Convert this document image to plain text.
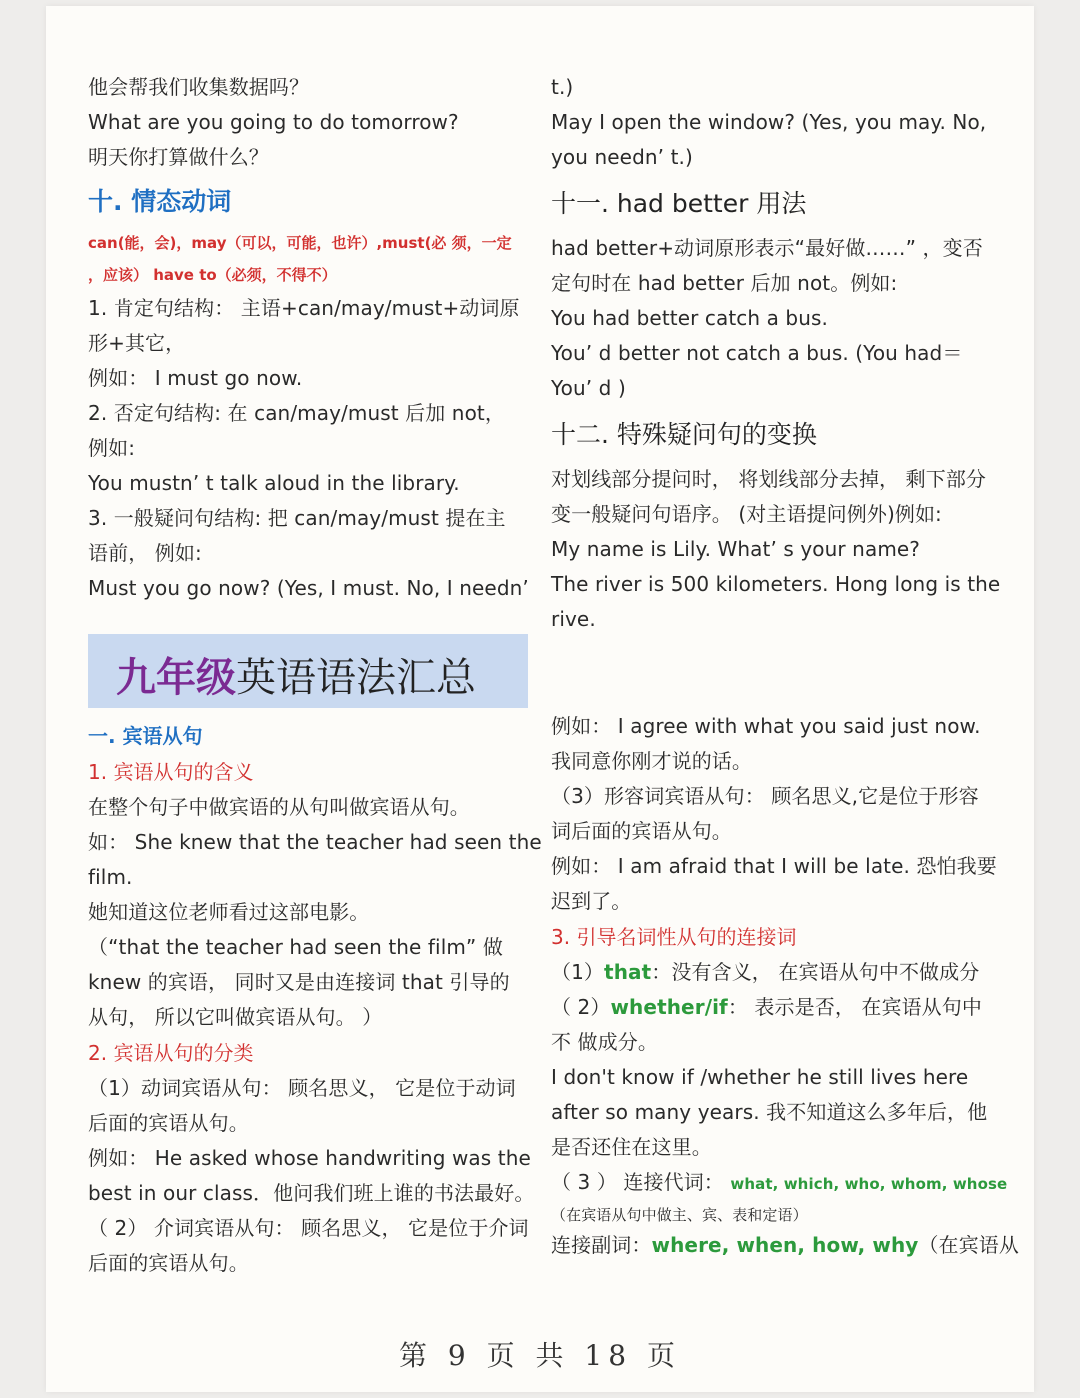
他会帮我们收集数据吗？

What are you going to do tomorrow?

明天你打算做什么？

十. 情态动词

can(能，会)，may（可以，可能，也许）,must(必 须，一定

，应该） have to（必须，不得不）

1. 肯定句结构： 主语+can/may/must+动词原

形+其它，

例如： I must go now.

2. 否定句结构: 在 can/may/must 后加 not，

例如:

You mustn’ t talk aloud in the library.

3. 一般疑问句结构: 把 can/may/must 提在主

语前， 例如:

Must you go now? (Yes, I must. No, I needn’

九年级英语语法汇总

一. 宾语从句

1. 宾语从句的含义

在整个句子中做宾语的从句叫做宾语从句。

如： She knew that the teacher had seen the

film.

她知道这位老师看过这部电影。

（“that the teacher had seen the film” 做

knew 的宾语， 同时又是由连接词 that 引导的

从句， 所以它叫做宾语从句。 ）

2. 宾语从句的分类

（1）动词宾语从句： 顾名思义， 它是位于动词

后面的宾语从句。

例如： He asked whose handwriting was the

best in our class．他问我们班上谁的书法最好。

（ 2） 介词宾语从句： 顾名思义， 它是位于介词

后面的宾语从句。

t.)

May I open the window? (Yes, you may. No,

you needn’ t.)

十一. had better 用法

had better+动词原形表示“最好做……” ，变否

定句时在 had better 后加 not。例如:

You had better catch a bus.

You’ d better not catch a bus. (You had＝

You’ d )

十二. 特殊疑问句的变换

对划线部分提问时， 将划线部分去掉， 剩下部分

变一般疑问句语序。 (对主语提问例外)例如:

My name is Lily. What’ s your name?

The river is 500 kilometers. Hong long is the

rive.

例如： I agree with what you said just now.

我同意你刚才说的话。

（3）形容词宾语从句： 顾名思义,它是位于形容

词后面的宾语从句。

例如： I am afraid that I will be late. 恐怕我要

迟到了。

3. 引导名词性从句的连接词

（1）that：没有含义， 在宾语从句中不做成分

（ 2）whether/if： 表示是否， 在宾语从句中

不 做成分。

I don't know if /whether he still lives here

after so many years. 我不知道这么多年后，他

是否还住在这里。

（ 3 ） 连接代词： what, which, who, whom, whose

（在宾语从句中做主、宾、表和定语）

连接副词：where, when, how, why（在宾语从

第 9 页 共 18 页
